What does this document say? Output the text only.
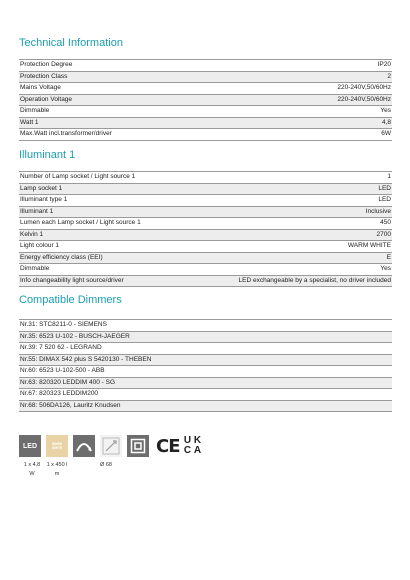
Technical Information
Protection Degree	IP20
Protection Class	2
Mains Voltage	220-240V,50/60Hz
Operation Voltage	220-240V,50/60Hz
Dimmable	Yes
Watt 1	4,8
Max.Watt incl.transformer/driver	6W
Illuminant 1
Number of Lamp socket / Light source 1	1
Lamp socket 1	LED
Illuminant type 1	LED
Illuminant 1	Inclusive
Lumen each Lamp socket / Light source 1	450
Kelvin 1	2700
Light colour 1	WARM WHITE
Energy efficiency class (EEI)	E
Dimmable	Yes
Info changeability light source/driver	LED exchangeable by a specialist, no driver included
Compatible Dimmers
Nr.31: STC8211-0 - SIEMENS
Nr.35: 6523 U-102 - BUSCH-JAEGER
Nr.39: 7 520 62 - LEGRAND
Nr.55: DIMAX 542 plus S 5420130 - THEBEN
Nr.60: 6523 U-102-500 - ABB
Nr.63: 820320 LEDDIM 400 - SG
Nr.67: 820323 LEDDIM200
Nr.68: 506DA126, Lauritz Knudsen
LED	WARM
WHITE	CE U K
C A
1 x 4,8
W
1 x 450 l
m
Ø 68
